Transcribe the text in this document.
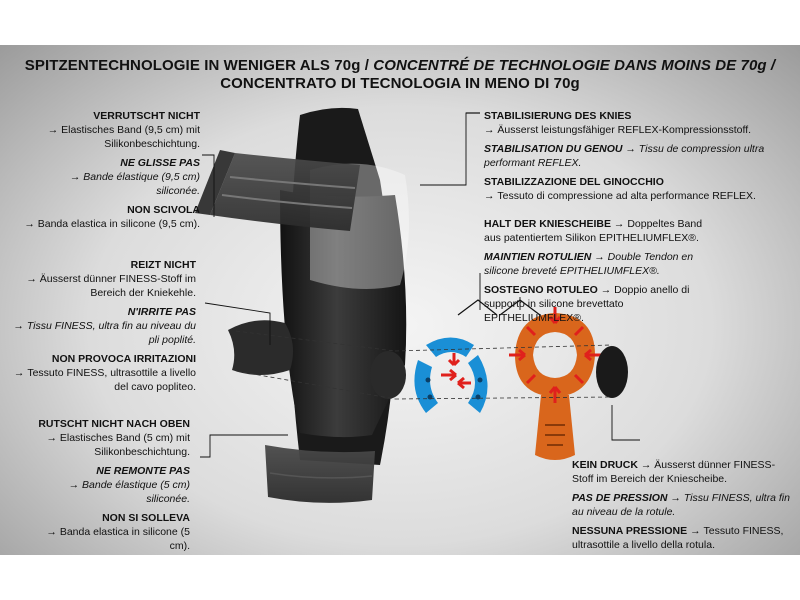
VERRUTSCHT NICHT
→ Elastisches Band (9,5 cm) mit Silikonbeschichtung.
NE GLISSE PAS
→ Bande élastique (9,5 cm) siliconée.
NON SCIVOLA
→ Banda elastica in silicone (9,5 cm).
REIZT NICHT
→ Äusserst dünner FINESS-Stoff im Bereich der Kniekehle.
N'IRRITE PAS
→ Tissu FINESS, ultra fin au niveau du pli poplité.
NON PROVOCA IRRITAZIONI
→ Tessuto FINESS, ultrasottile a livello del cavo popliteo.
RUTSCHT NICHT NACH OBEN
→ Elastisches Band (5 cm) mit Silikonbeschichtung.
NE REMONTE PAS
→ Bande élastique (5 cm) siliconée.
NON SI SOLLEVA
→ Banda elastica in silicone (5 cm).
STABILISIERUNG DES KNIES
→ Äusserst leistungsfähiger REFLEX-Kompressionsstoff.
STABILISATION DU GENOU → Tissu de compression ultra performant REFLEX.
STABILIZZAZIONE DEL GINOCCHIO
→ Tessuto di compressione ad alta performance REFLEX.
HALT DER KNIESCHEIBE → Doppeltes Band aus patentiertem Silikon EPITHELIUMFLEX®.
MAINTIEN ROTULIEN → Double Tendon en silicone breveté EPITHELIUMFLEX®.
SOSTEGNO ROTULEO → Doppio anello di supporto in silicone brevettato EPITHELIUMFLEX®.
KEIN DRUCK → Äusserst dünner FINESS-Stoff im Bereich der Kniescheibe.
PAS DE PRESSION → Tissu FINESS, ultra fin au niveau de la rotule.
NESSUNA PRESSIONE → Tessuto FINESS, ultrasottile a livello della rotula.
SPITZENTECHNOLOGIE IN WENIGER ALS 70g / CONCENTRÉ DE TECHNOLOGIE DANS MOINS DE 70g /
CONCENTRATO DI TECNOLOGIA IN MENO DI 70g
